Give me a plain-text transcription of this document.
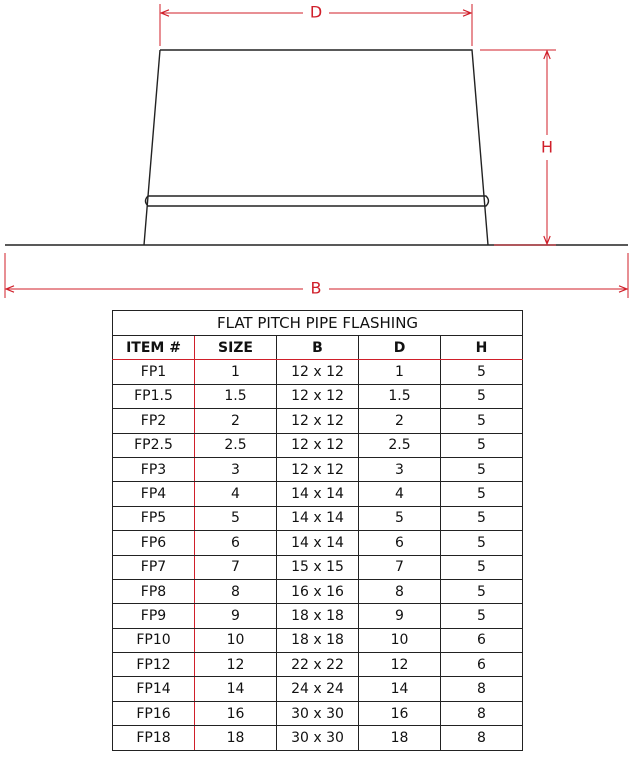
D
H
B
FLAT PITCH PIPE FLASHING				
ITEM #	SIZE	B	D	H
FP1	1	12 x 12	1	5
FP1.5	1.5	12 x 12	1.5	5
FP2	2	12 x 12	2	5
FP2.5	2.5	12 x 12	2.5	5
FP3	3	12 x 12	3	5
FP4	4	14 x 14	4	5
FP5	5	14 x 14	5	5
FP6	6	14 x 14	6	5
FP7	7	15 x 15	7	5
FP8	8	16 x 16	8	5
FP9	9	18 x 18	9	5
FP10	10	18 x 18	10	6
FP12	12	22 x 22	12	6
FP14	14	24 x 24	14	8
FP16	16	30 x 30	16	8
FP18	18	30 x 30	18	8
